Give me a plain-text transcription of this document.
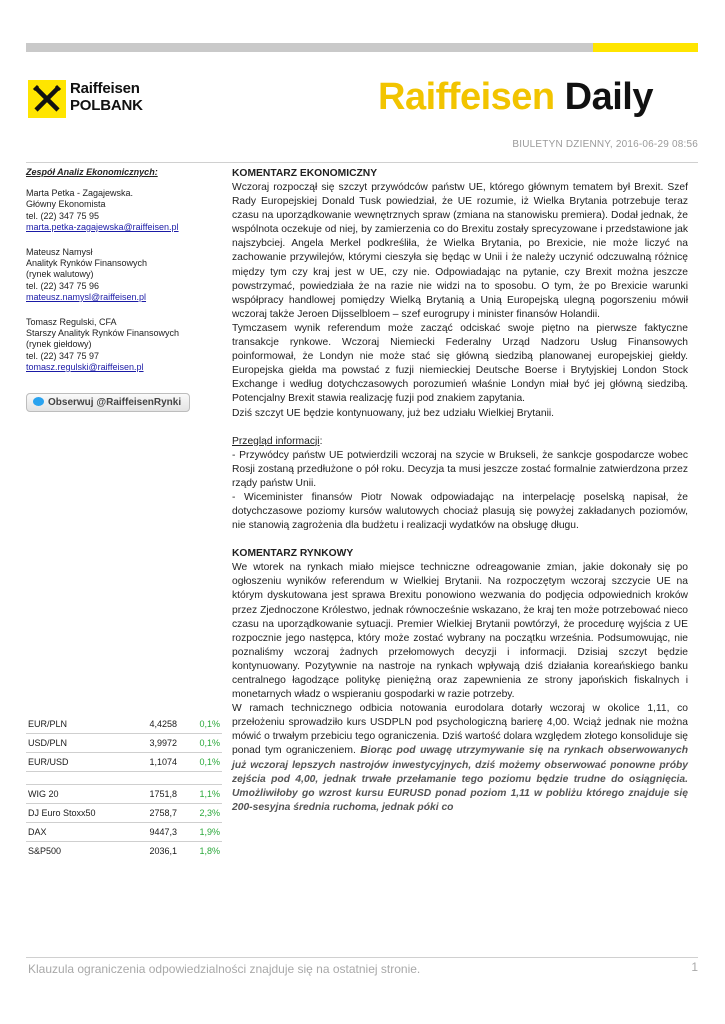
Raiffeisen
POLBANK	Raiffeisen Daily
BIULETYN DZIENNY, 2016-06-29 08:56
Zespół Analiz Ekonomicznych:
Marta Petka - Zagajewska.
Główny Ekonomista
tel. (22) 347 75 95
marta.petka-zagajewska@raiffeisen.pl
Mateusz Namysł
Analityk Rynków Finansowych
(rynek walutowy)
tel. (22) 347 75 96
mateusz.namysl@raiffeisen.pl
Tomasz Regulski, CFA
Starszy Analityk Rynków Finansowych
(rynek giełdowy)
tel. (22) 347 75 97
tomasz.regulski@raiffeisen.pl
Obserwuj @RaiffeisenRynki
EUR/PLN	4,4258 0,1%
USD/PLN	3,9972 0,1%
EUR/USD	1,1074 0,1%
WIG 20	1751,8 1,1%
DJ Euro Stoxx50	2758,7 2,3%
DAX	9447,3 1,9%
S&P500	2036,1 1,8%
KOMENTARZ EKONOMICZNY

Wczoraj rozpoczął się szczyt przywódców państw UE, którego głównym tematem był Brexit. Szef Rady Europejskiej Donald Tusk powiedział, że UE rozumie, iż Wielka Brytania potrzebuje teraz czasu na uporządkowanie wewnętrznych spraw (zmiana na stanowisku premiera). Dodał jednak, że wspólnota oczekuje od niej, by zamierzenia co do Brexitu zostały sprecyzowane i przedstawione jak najszybciej. Angela Merkel podkreśliła, że Wielka Brytania, po Brexicie, nie może liczyć na zachowanie przywilejów, którymi cieszyła się będąc w Unii i że należy uczynić odczuwalną różnicę między tym czy kraj jest w UE, czy nie. Odpowiadając na pytanie, czy Brexit można jeszcze powstrzymać, powiedziała że na razie nie widzi na to sposobu. O tym, że po Brexicie warunki współpracy handlowej pomiędzy Wielką Brytanią a Unią Europejską ulegną pogorszeniu mówił wczoraj także Jeroen Dijsselbloem – szef eurogrupy i minister finansów Holandii.

Tymczasem wynik referendum może zacząć odciskać swoje piętno na pierwsze faktyczne transakcje rynkowe. Wczoraj Niemiecki Federalny Urząd Nadzoru Usług Finansowych poinformował, że Londyn nie może stać się główną siedzibą planowanej europejskiej giełdy. Europejska giełda ma powstać z fuzji niemieckiej Deutsche Boerse i Brytyjskiej London Stock Exchange i według dotychczasowych porozumień właśnie Londyn miał być jej główną siedzibą. Potencjalny Brexit stawia realizację fuzji pod znakiem zapytania.

Dziś szczyt UE będzie kontynuowany, już bez udziału Wielkiej Brytanii.

Przegląd informacji:

- Przywódcy państw UE potwierdzili wczoraj na szycie w Brukseli, że sankcje gospodarcze wobec Rosji zostaną przedłużone o pół roku. Decyzja ta musi jeszcze zostać formalnie zatwierdzona przez rządy państw Unii.

- Wiceminister finansów Piotr Nowak odpowiadając na interpelację poselską napisał, że dotychczasowe poziomy kursów walutowych chociaż plasują się powyżej zakładanych poziomów, nie stanowią zagrożenia dla budżetu i realizacji wydatków na obsługę długu.

KOMENTARZ RYNKOWY

We wtorek na rynkach miało miejsce techniczne odreagowanie zmian, jakie dokonały się po ogłoszeniu wyników referendum w Wielkiej Brytanii. Na rozpoczętym wczoraj szczycie UE na którym dyskutowana jest sprawa Brexitu ponowiono wezwania do podjęcia odpowiednich kroków przez Zjednoczone Królestwo, jednak równocześnie wskazano, że kraj ten może potrzebować nieco czasu na uporządkowanie sytuacji. Premier Wielkiej Brytanii powtórzył, że procedurę wyjścia z UE rozpocznie jego następca, który może zostać wybrany na początku września. Podsumowując, nie poznaliśmy wczoraj żadnych przełomowych decyzji i informacji. Dzisiaj szczyt będzie kontynuowany. Pozytywnie na nastroje na rynkach wpływają dziś działania koreańskiego banku centralnego łagodzące politykę pieniężną oraz zapewnienia ze strony japońskich fiskalnych i monetarnych władz o wspieraniu gospodarki w razie potrzeby.

W ramach technicznego odbicia notowania eurodolara dotarły wczoraj w okolice 1,11, co przełożeniu sprowadziło kurs USDPLN pod psychologiczną barierę 4,00. Wciąż jednak nie można mówić o trwałym przebiciu tego ograniczenia. Dziś wartość dolara względem złotego konsoliduje się ponad tym ograniczeniem. Biorąc pod uwagę utrzymywanie się na rynkach obserwowanych już wczoraj lepszych nastrojów inwestycyjnych, dziś możemy obserwować ponowne próby zejścia pod 4,00, jednak trwałe przełamanie tego poziomu będzie trudne do osiągnięcia. Umożliwiłoby go wzrost kursu EURUSD ponad poziom 1,11 w pobliżu którego znajduje się 200-sesyjna średnia ruchoma, jednak póki co

Klauzula ograniczenia odpowiedzialności znajduje się na ostatniej stronie.	1
